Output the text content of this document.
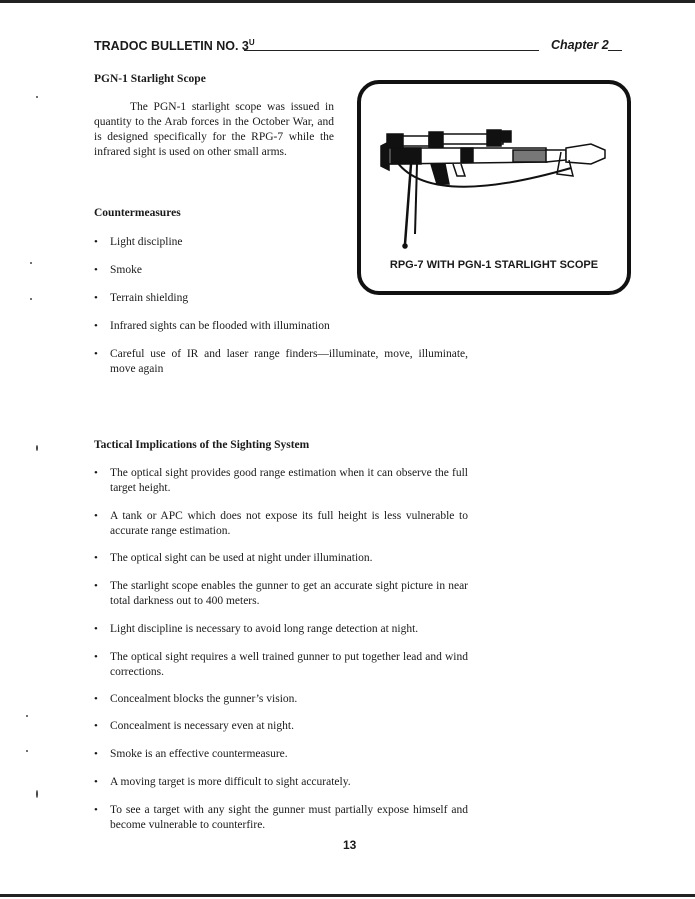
TRADOC BULLETIN NO. $3^U$	Chapter 2
PGN-1 Starlight Scope
The PGN-1 starlight scope was issued in quantity to the Arab forces in the October War, and is designed specifically for the RPG-7 while the infrared sight is used on other small arms.
RPG-7 WITH PGN-1 STARLIGHT SCOPE
Countermeasures
• Light discipline
• Smoke
• Terrain shielding
• Infrared sights can be flooded with illumination
• Careful use of IR and laser range finders—illuminate, move, illuminate, move again
Tactical Implications of the Sighting System
• The optical sight provides good range estimation when it can observe the full target height.
• A tank or APC which does not expose its full height is less vulnerable to accurate range estimation.
• The optical sight can be used at night under illumination.
• The starlight scope enables the gunner to get an accurate sight picture in near total darkness out to 400 meters.
• Light discipline is necessary to avoid long range detection at night.
• The optical sight requires a well trained gunner to put together lead and wind corrections.
• Concealment blocks the gunner’s vision.
• Concealment is necessary even at night.
• Smoke is an effective countermeasure.
• A moving target is more difficult to sight accurately.
• To see a target with any sight the gunner must partially expose himself and become vulnerable to counterfire.
13
